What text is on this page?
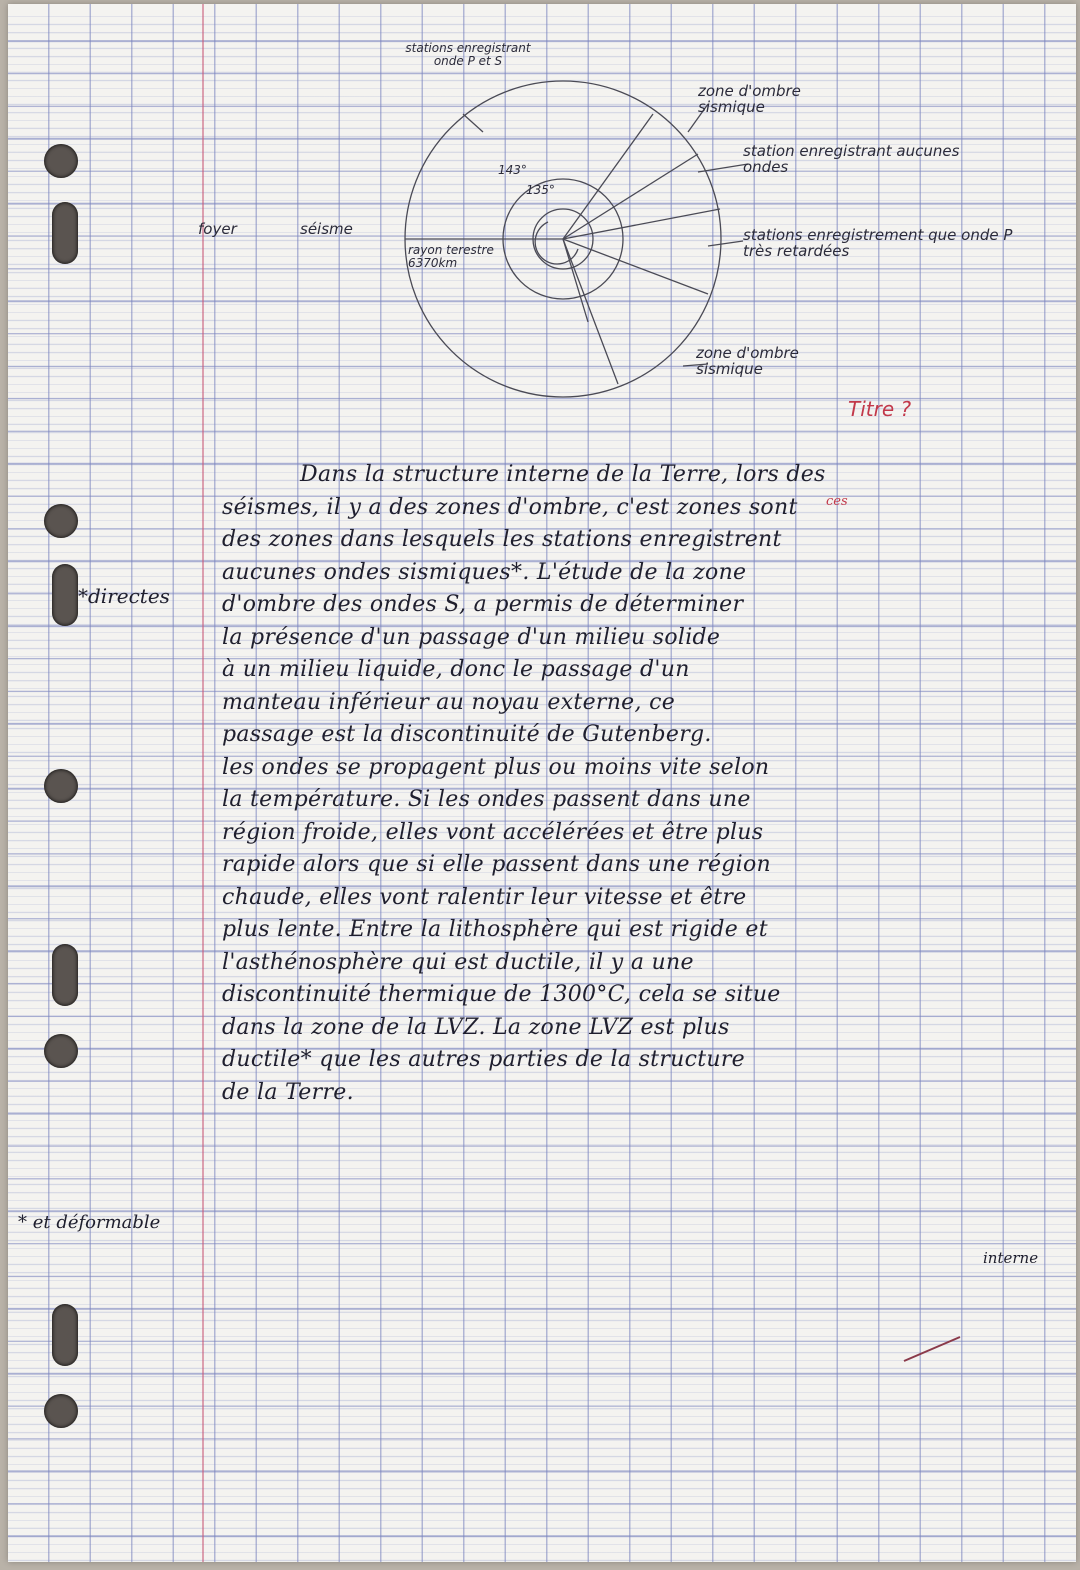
stations enregistrant onde P et S
zone d'ombre sismique
station enregistrant aucunes ondes
stations enregistrement que onde P très retardées
zone d'ombre sismique
143°
135°
rayon terestre 6370km
foyer	séisme
Titre ?
*directes
* et déformable
ces
interne
Dans la structure interne de la Terre, lors des
séismes, il y a des zones d'ombre, c'est zones sont
des zones dans lesquels les stations enregistrent
aucunes ondes sismiques*. L'étude de la zone
d'ombre des ondes S, a permis de déterminer
la présence d'un passage d'un milieu solide
à un milieu liquide, donc le passage d'un
manteau inférieur au noyau externe, ce
passage est la discontinuité de Gutenberg.
les ondes se propagent plus ou moins vite selon
la température. Si les ondes passent dans une
région froide, elles vont accélérées et être plus
rapide alors que si elle passent dans une région
chaude, elles vont ralentir leur vitesse et être
plus lente. Entre la lithosphère qui est rigide et
l'asthénosphère qui est ductile, il y a une
discontinuité thermique de 1300°C, cela se situe
dans la zone de la LVZ. La zone LVZ est plus
ductile* que les autres parties de la structure
de la Terre.
